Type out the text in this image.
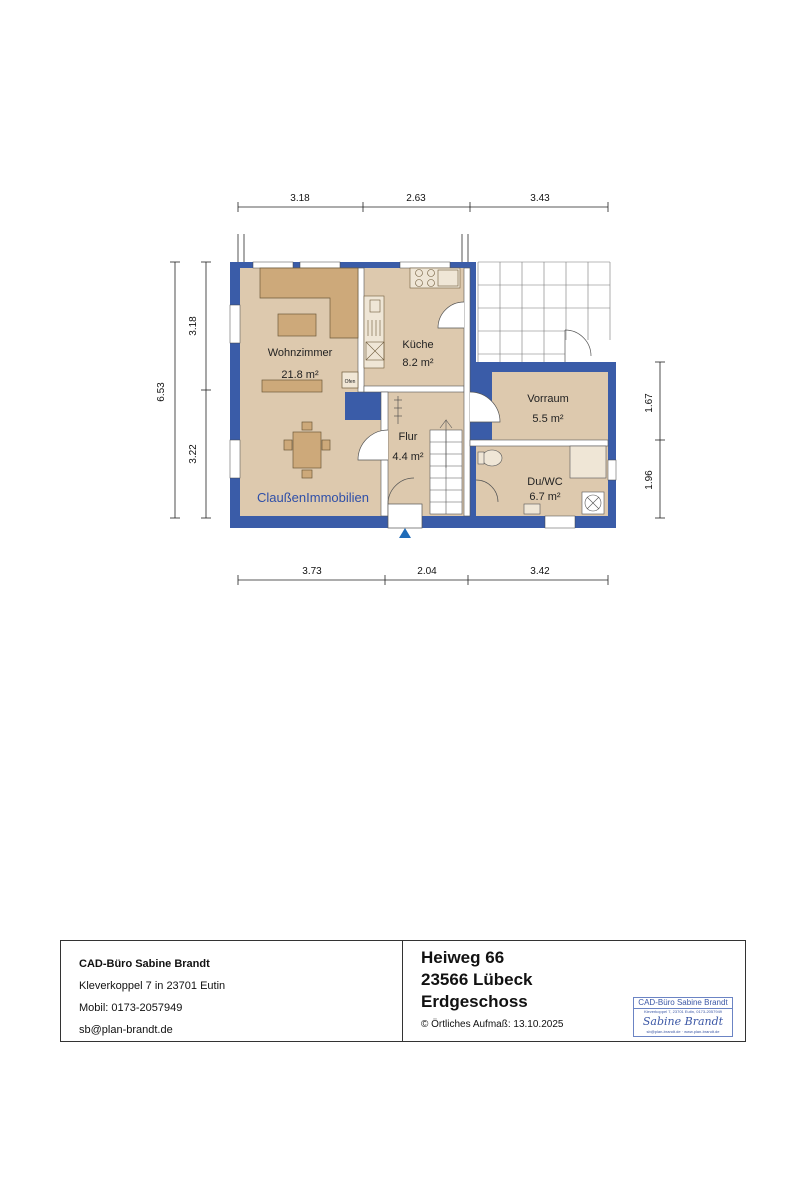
3.18	2.63	3.43
3.73	2.04	3.42
6.53
3.18
3.22
1.67
1.96
Ofen
Wohnzimmer
21.8 m²
Küche
8.2 m²
Flur
4.4 m²
Vorraum
5.5 m²
Du/WC
6.7 m²
ClaußenImmobilien
CAD-Büro Sabine Brandt
Kleverkoppel 7 in 23701 Eutin
Mobil: 0173-2057949
sb@plan-brandt.de
Heiweg 66
23566 Lübeck
Erdgeschoss
© Örtliches Aufmaß: 13.10.2025
CAD-Büro Sabine Brandt
Kleverkoppel 7, 23701 Eutin, 0173-2057949
Sabine Brandt
sb@plan-brandt.de · www.plan-brandt.de
